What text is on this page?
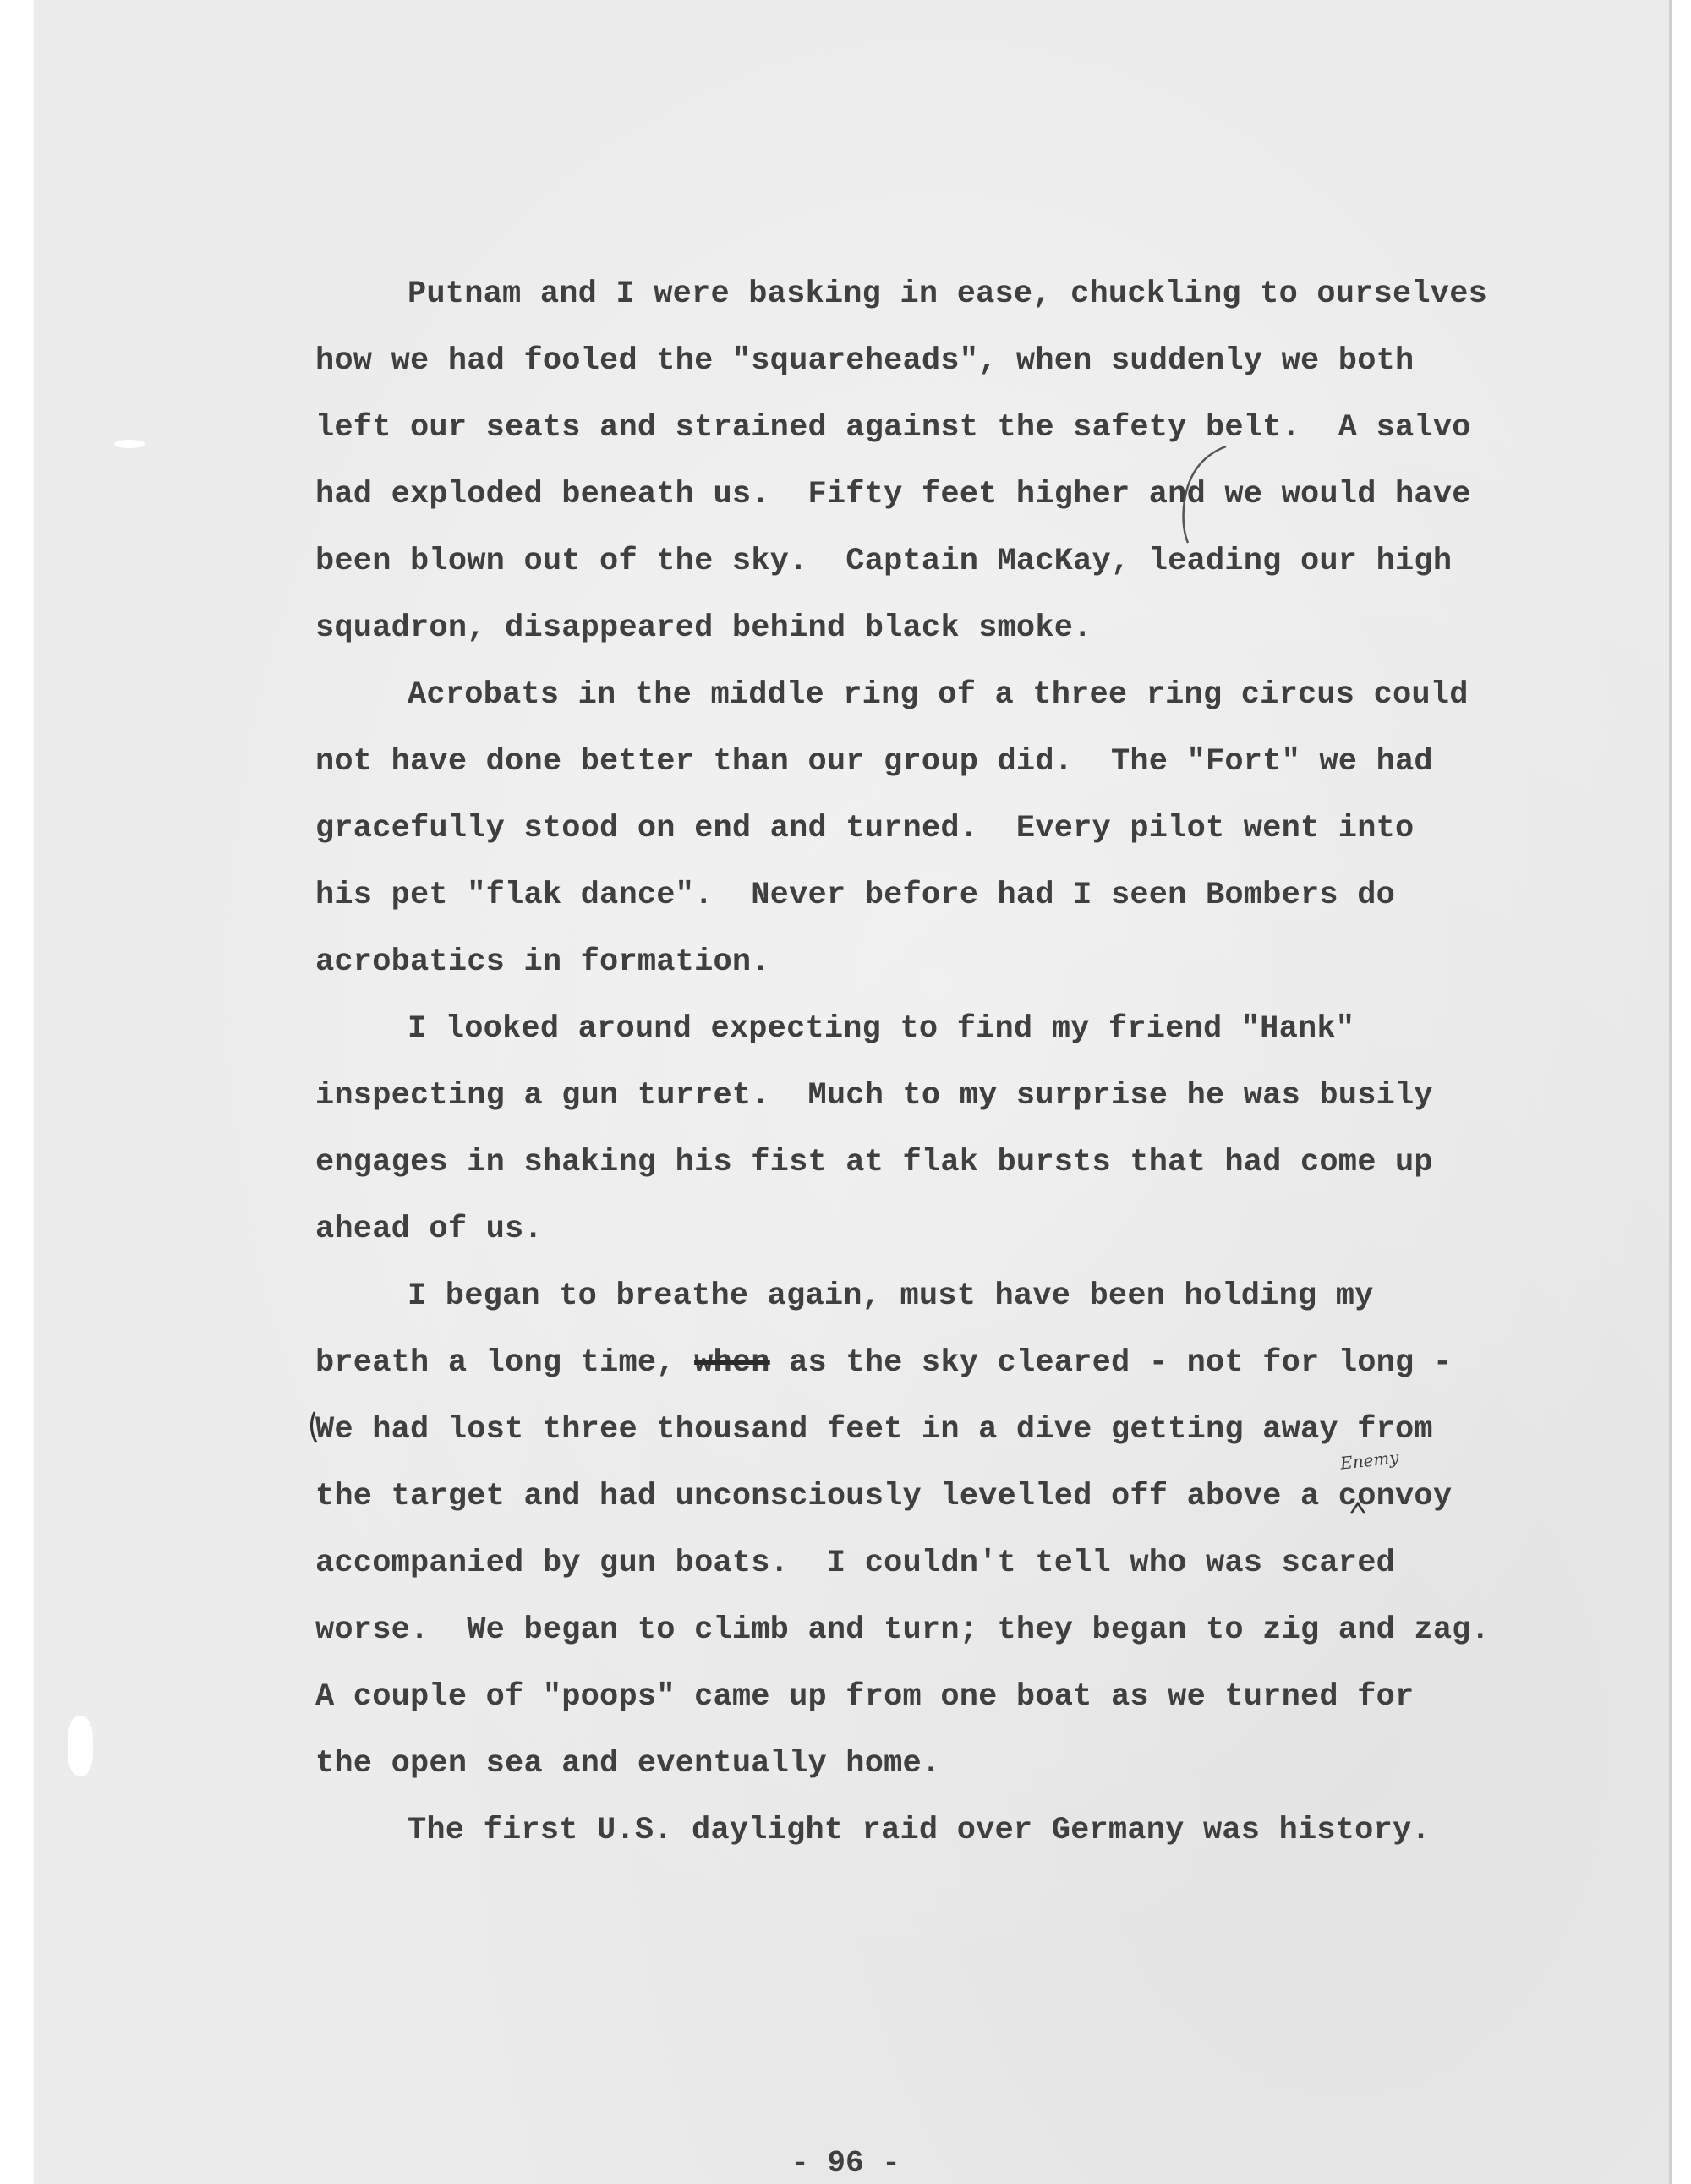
Putnam and I were basking in ease, chuckling to ourselves
how we had fooled the "squareheads", when suddenly we both
left our seats and strained against the safety belt.  A salvo
had exploded beneath us.  Fifty feet higher and we would have
been blown out of the sky.  Captain MacKay, leading our high
squadron, disappeared behind black smoke.
Acrobats in the middle ring of a three ring circus could
not have done better than our group did.  The "Fort" we had
gracefully stood on end and turned.  Every pilot went into
his pet "flak dance".  Never before had I seen Bombers do
acrobatics in formation.
I looked around expecting to find my friend "Hank"
inspecting a gun turret.  Much to my surprise he was busily
engages in shaking his fist at flak bursts that had come up
ahead of us.
I began to breathe again, must have been holding my
breath a long time, when as the sky cleared - not for long -
We had lost three thousand feet in a dive getting away from
the target and had unconsciously levelled off above a convoy
accompanied by gun boats.  I couldn't tell who was scared
worse.  We began to climb and turn; they began to zig and zag.
A couple of "poops" came up from one boat as we turned for
the open sea and eventually home.
The first U.S. daylight raid over Germany was history.
Enemy
- 96 -
